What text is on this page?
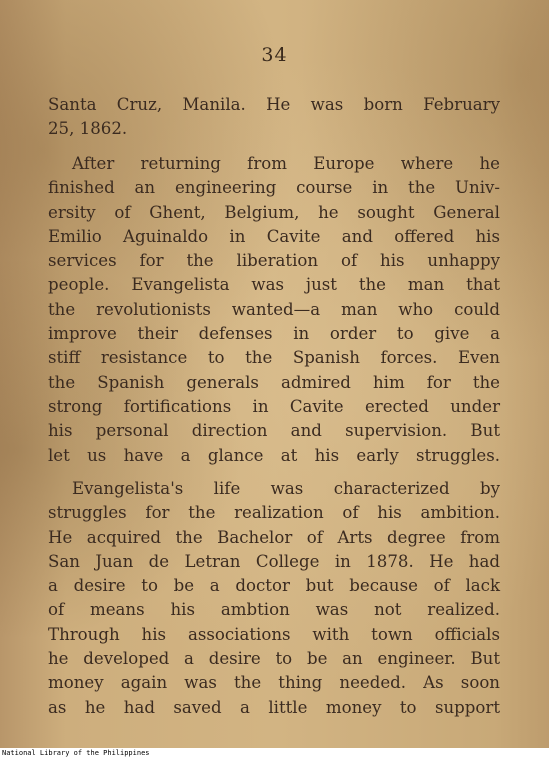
34
Santa Cruz, Manila. He was born February
25, 1862.
After returning from Europe where he
finished an engineering course in the Univ-
ersity of Ghent, Belgium, he sought General
Emilio Aguinaldo in Cavite and offered his
services for the liberation of his unhappy
people. Evangelista was just the man that
the revolutionists wanted—a man who could
improve their defenses in order to give a
stiff resistance to the Spanish forces. Even
the Spanish generals admired him for the
strong fortifications in Cavite erected under
his personal direction and supervision. But
let us have a glance at his early struggles.
Evangelista's life was characterized by
struggles for the realization of his ambition.
He acquired the Bachelor of Arts degree from
San Juan de Letran College in 1878. He had
a desire to be a doctor but because of lack
of means his ambtion was not realized.
Through his associations with town officials
he developed a desire to be an engineer. But
money again was the thing needed. As soon
as he had saved a little money to support
National Library of the Philippines
